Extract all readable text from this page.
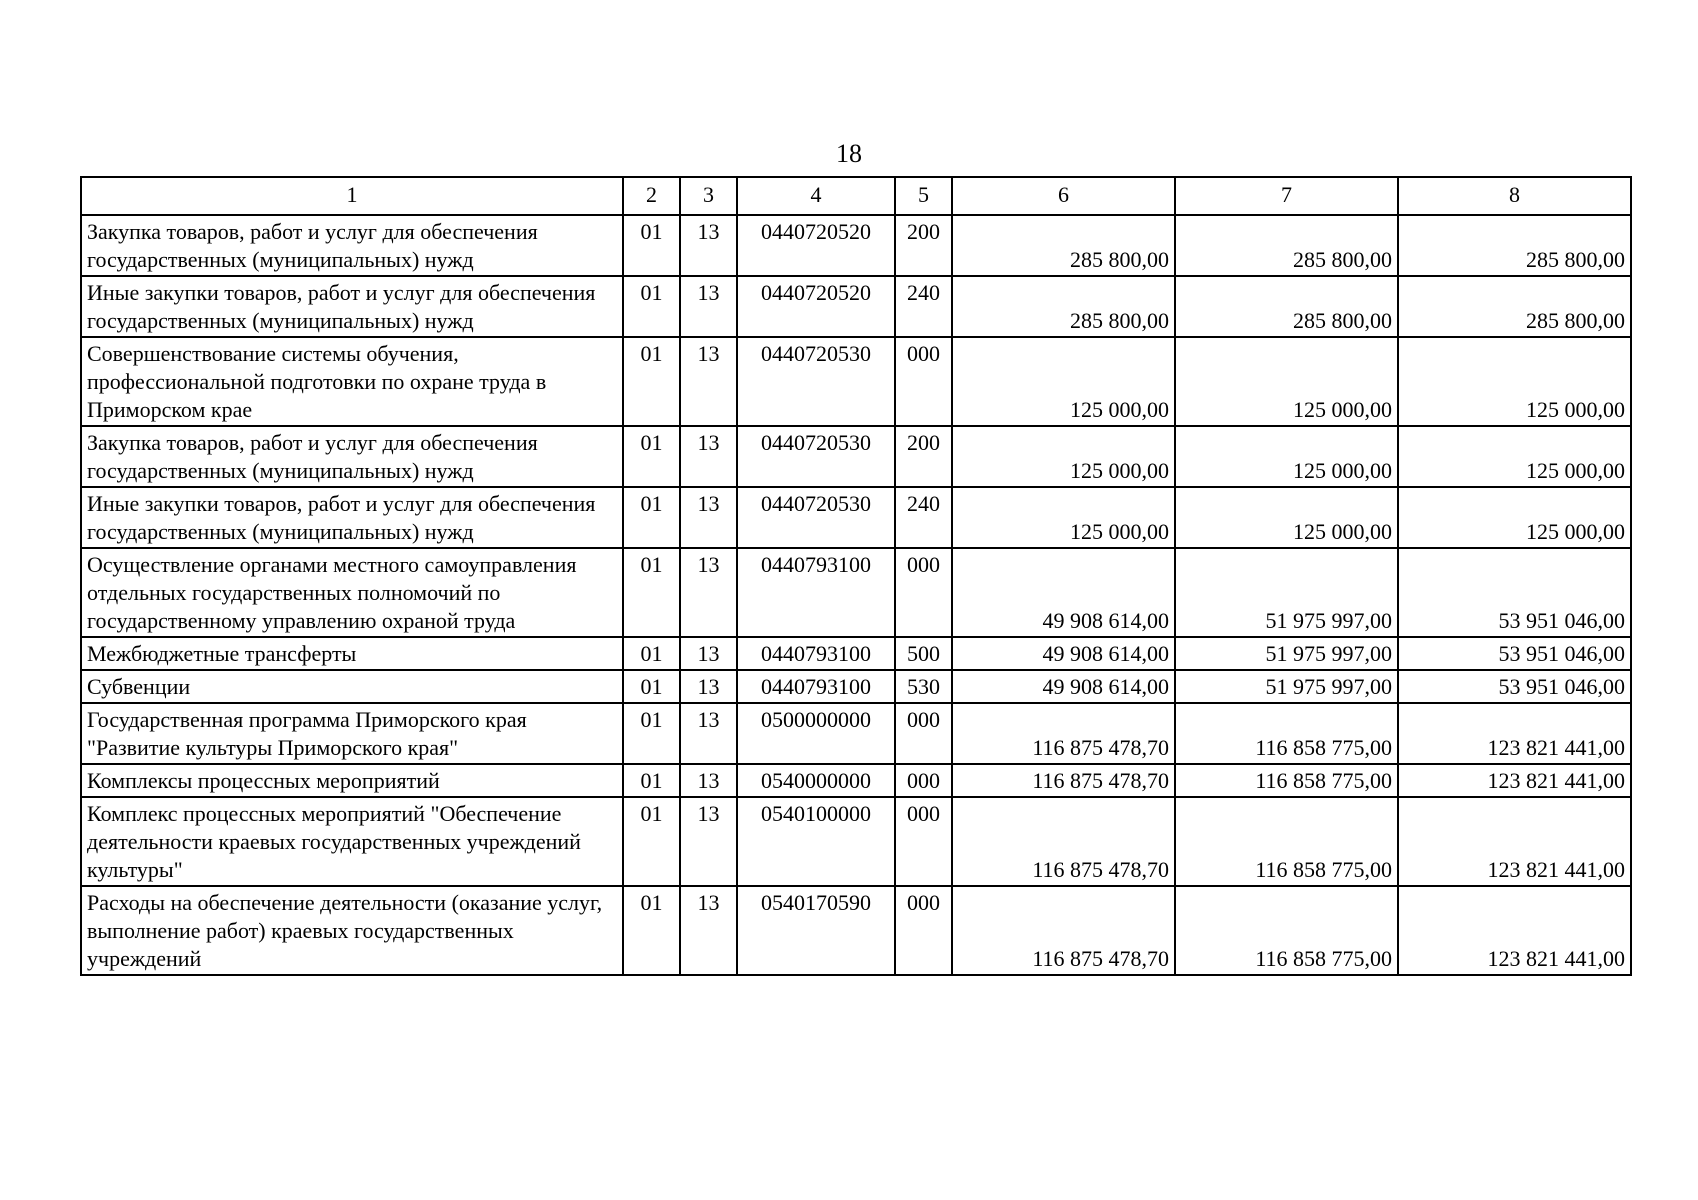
18
1	2	3	4	5	6	7	8
Закупка товаров, работ и услуг для обеспечения государственных (муниципальных) нужд	01	13	0440720520	200	285 800,00	285 800,00	285 800,00
Иные закупки товаров, работ и услуг для обеспечения государственных (муниципальных) нужд	01	13	0440720520	240	285 800,00	285 800,00	285 800,00
Совершенствование системы обучения, профессиональной подготовки по охране труда в Приморском крае	01	13	0440720530	000	125 000,00	125 000,00	125 000,00
Закупка товаров, работ и услуг для обеспечения государственных (муниципальных) нужд	01	13	0440720530	200	125 000,00	125 000,00	125 000,00
Иные закупки товаров, работ и услуг для обеспечения государственных (муниципальных) нужд	01	13	0440720530	240	125 000,00	125 000,00	125 000,00
Осуществление органами местного самоуправления отдельных государственных полномочий по государственному управлению охраной труда	01	13	0440793100	000	49 908 614,00	51 975 997,00	53 951 046,00
Межбюджетные трансферты	01	13	0440793100	500	49 908 614,00	51 975 997,00	53 951 046,00
Субвенции	01	13	0440793100	530	49 908 614,00	51 975 997,00	53 951 046,00
Государственная программа Приморского края "Развитие культуры Приморского края"	01	13	0500000000	000	116 875 478,70	116 858 775,00	123 821 441,00
Комплексы процессных мероприятий	01	13	0540000000	000	116 875 478,70	116 858 775,00	123 821 441,00
Комплекс процессных мероприятий "Обеспечение деятельности краевых государственных учреждений культуры"	01	13	0540100000	000	116 875 478,70	116 858 775,00	123 821 441,00
Расходы на обеспечение деятельности (оказание услуг, выполнение работ) краевых государственных учреждений	01	13	0540170590	000	116 875 478,70	116 858 775,00	123 821 441,00
